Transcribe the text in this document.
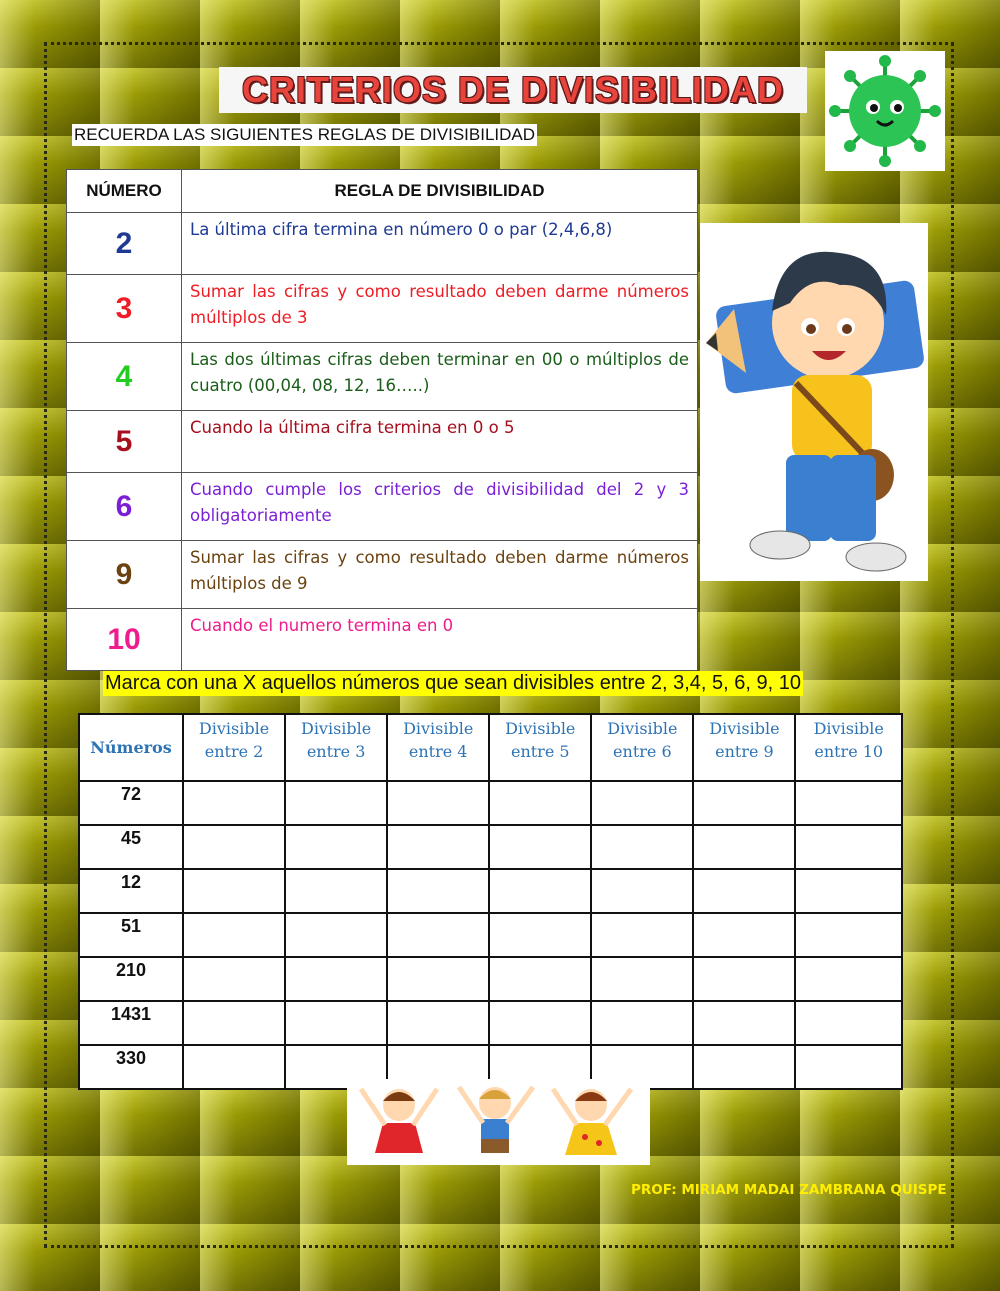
CRITERIOS DE DIVISIBILIDAD
RECUERDA LAS SIGUIENTES REGLAS DE DIVISIBILIDAD
NÚMERO	REGLA DE DIVISIBILIDAD
2	La última cifra termina en número 0 o par (2,4,6,8)
3	Sumar las cifras y como resultado deben darme números múltiplos de 3
4	Las dos últimas cifras deben terminar en 00 o múltiplos de cuatro (00,04, 08, 12, 16…..)
5	Cuando la última cifra termina en 0 o 5
6	Cuando cumple los criterios de divisibilidad del 2 y 3 obligatoriamente
9	Sumar las cifras y como resultado deben darme números múltiplos de 9
10	Cuando el numero termina en 0
Marca con una X aquellos números que sean divisibles entre 2, 3,4, 5, 6, 9, 10
Números	Divisible entre 2	Divisible entre 3	Divisible entre 4	Divisible entre 5	Divisible entre 6	Divisible entre 9	Divisible entre 10
72							
45							
12							
51							
210							
1431							
330							
PROF: MIRIAM MADAI ZAMBRANA QUISPE
